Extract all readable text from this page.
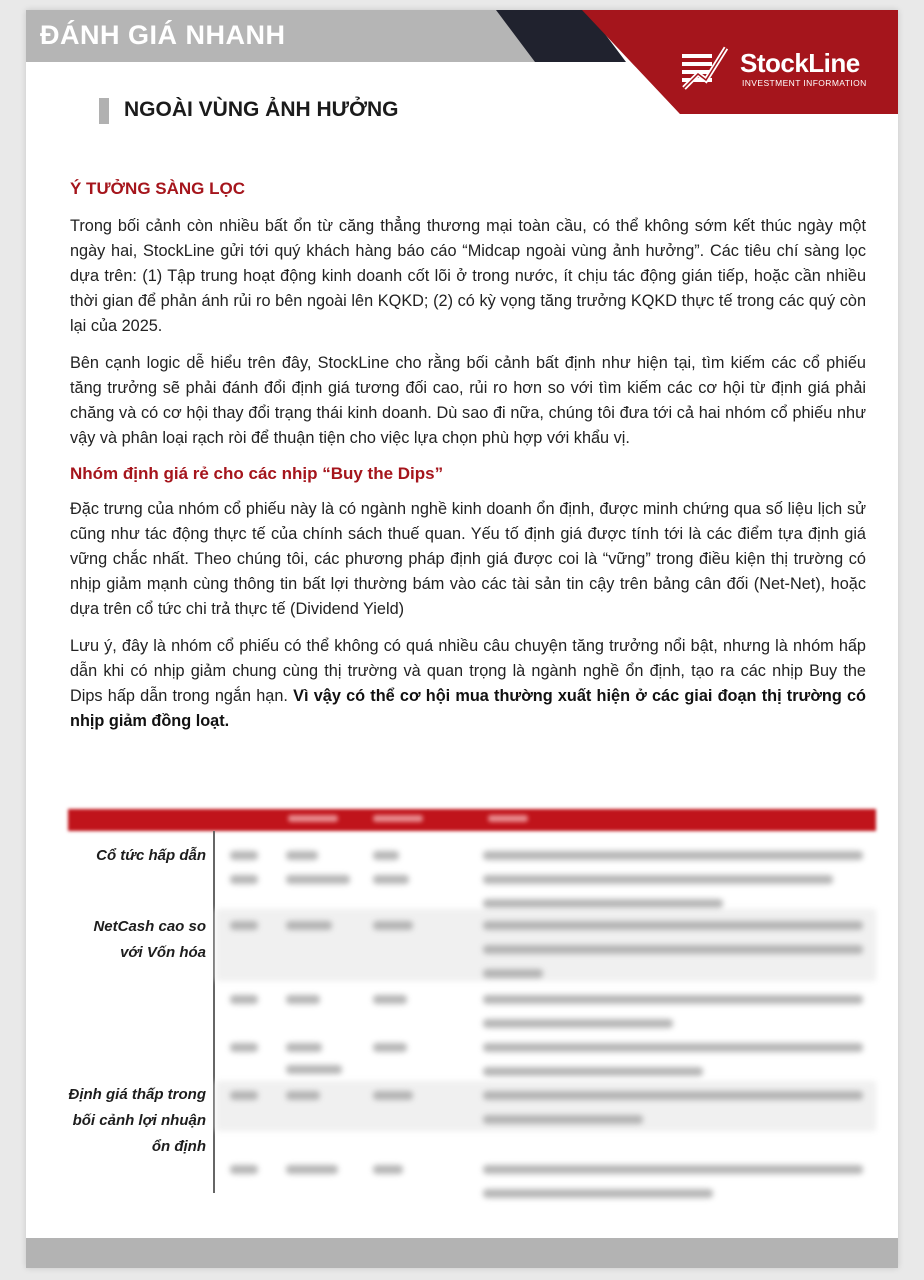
ĐÁNH GIÁ NHANH
StockLine
INVESTMENT INFORMATION
NGOÀI VÙNG ẢNH HƯỞNG

Ý TƯỞNG SÀNG LỌC

Trong bối cảnh còn nhiều bất ổn từ căng thẳng thương mại toàn cầu, có thể không sớm kết thúc ngày một ngày hai, StockLine gửi tới quý khách hàng báo cáo “Midcap ngoài vùng ảnh hưởng”. Các tiêu chí sàng lọc dựa trên: (1) Tập trung hoạt động kinh doanh cốt lõi ở trong nước, ít chịu tác động gián tiếp, hoặc cần nhiều thời gian để phản ánh rủi ro bên ngoài lên KQKD; (2) có kỳ vọng tăng trưởng KQKD thực tế trong các quý còn lại của 2025.

Bên cạnh logic dễ hiểu trên đây, StockLine cho rằng bối cảnh bất định như hiện tại, tìm kiếm các cổ phiếu tăng trưởng sẽ phải đánh đổi định giá tương đối cao, rủi ro hơn so với tìm kiếm các cơ hội từ định giá phải chăng và có cơ hội thay đổi trạng thái kinh doanh. Dù sao đi nữa, chúng tôi đưa tới cả hai nhóm cổ phiếu như vậy và phân loại rạch ròi để thuận tiện cho việc lựa chọn phù hợp với khẩu vị.

Nhóm định giá rẻ cho các nhịp “Buy the Dips”

Đặc trưng của nhóm cổ phiếu này là có ngành nghề kinh doanh ổn định, được minh chứng qua số liệu lịch sử cũng như tác động thực tế của chính sách thuế quan. Yếu tố định giá được tính tới là các điểm tựa định giá vững chắc nhất. Theo chúng tôi, các phương pháp định giá được coi là “vững” trong điều kiện thị trường có nhịp giảm mạnh cùng thông tin bất lợi thường bám vào các tài sản tin cậy trên bảng cân đối (Net-Net), hoặc dựa trên cổ tức chi trả thực tế (Dividend Yield)

Lưu ý, đây là nhóm cổ phiếu có thể không có quá nhiều câu chuyện tăng trưởng nổi bật, nhưng là nhóm hấp dẫn khi có nhịp giảm chung cùng thị trường và quan trọng là ngành nghề ổn định, tạo ra các nhịp Buy the Dips hấp dẫn trong ngắn hạn. Vì vậy có thể cơ hội mua thường xuất hiện ở các giai đoạn thị trường có nhịp giảm đồng loạt.

Cổ tức hấp dẫn
NetCash cao so với Vốn hóa
Định giá thấp trong bối cảnh lợi nhuận ổn định
